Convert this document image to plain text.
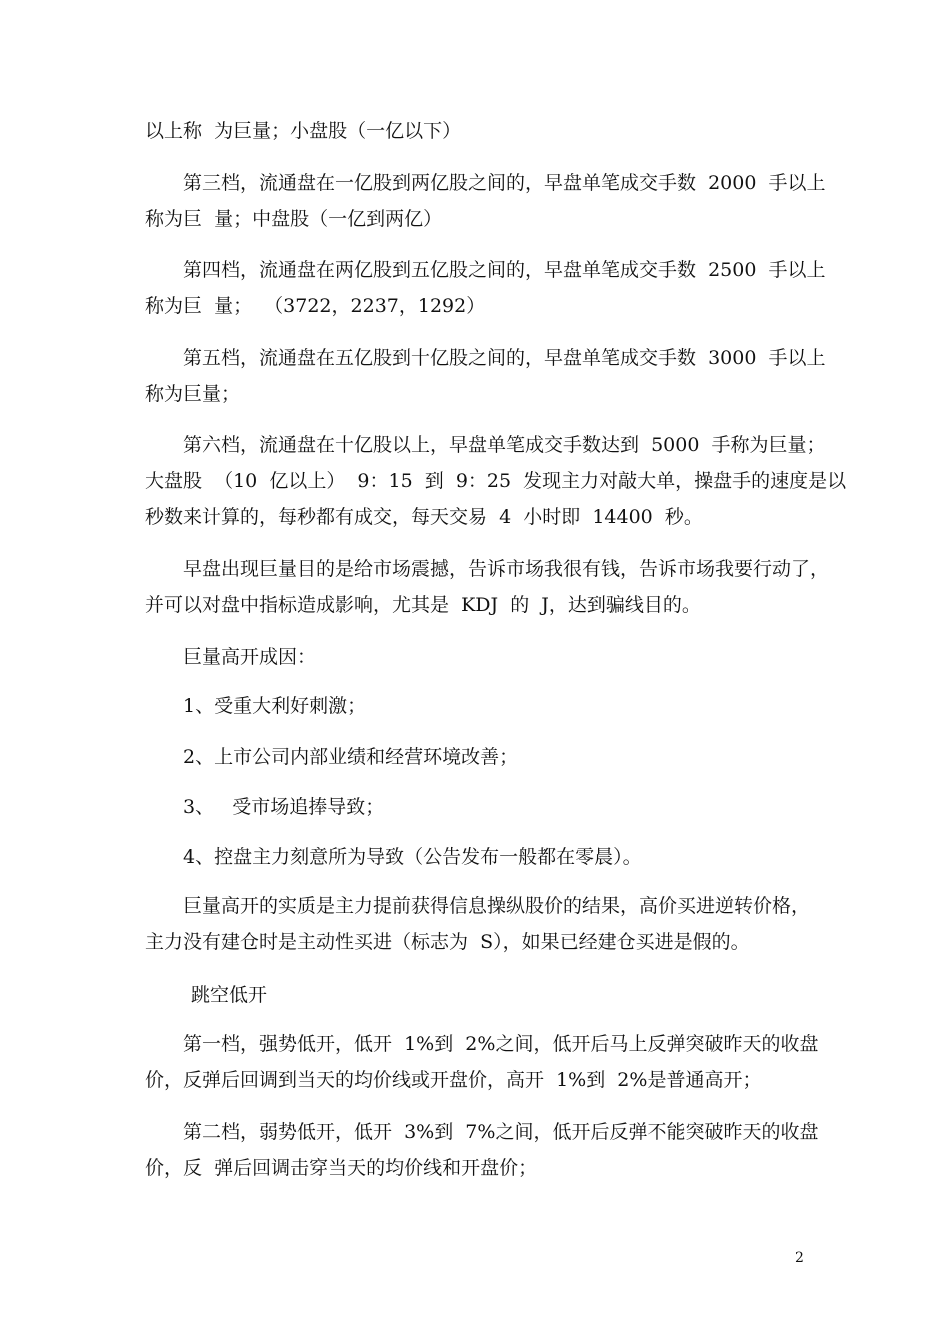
以上称  为巨量；小盘股（一亿以下）
第三档，流通盘在一亿股到两亿股之间的，早盘单笔成交手数  2000  手以上
称为巨  量；中盘股（一亿到两亿）
第四档，流通盘在两亿股到五亿股之间的，早盘单笔成交手数  2500  手以上
称为巨  量；  （3722，2237，1292）
第五档，流通盘在五亿股到十亿股之间的，早盘单笔成交手数  3000  手以上
称为巨量；
第六档，流通盘在十亿股以上，早盘单笔成交手数达到  5000  手称为巨量；
大盘股  （10  亿以上）  9：15  到  9：25  发现主力对敲大单，操盘手的速度是以
秒数来计算的，每秒都有成交，每天交易  4  小时即  14400  秒。
早盘出现巨量目的是给市场震撼，告诉市场我很有钱，告诉市场我要行动了，
并可以对盘中指标造成影响，尤其是  KDJ  的  J，达到骗线目的。
巨量高开成因：
1、受重大利好刺激；
2、上市公司内部业绩和经营环境改善；
3、   受市场追捧导致；
4、控盘主力刻意所为导致（公告发布一般都在零晨）。
巨量高开的实质是主力提前获得信息操纵股价的结果，高价买进逆转价格，
主力没有建仓时是主动性买进（标志为  S），如果已经建仓买进是假的。
跳空低开
第一档，强势低开，低开  1%到  2%之间，低开后马上反弹突破昨天的收盘
价，反弹后回调到当天的均价线或开盘价，高开  1%到  2%是普通高开；
第二档，弱势低开，低开  3%到  7%之间，低开后反弹不能突破昨天的收盘
价，反  弹后回调击穿当天的均价线和开盘价；
2
